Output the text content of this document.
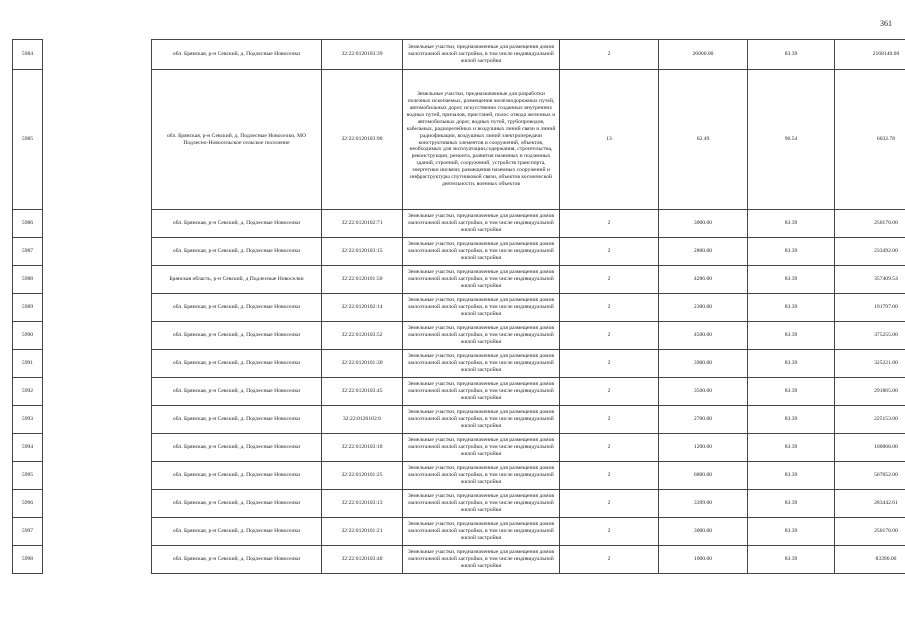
361
5984		обл. Брянская, р-н Севский, д. Подлесные Новоселки	32:22:0120103:39	Земельные участки, предназначенные для размещения домов малоэтажной жилой застройки, в том числе индивидуальной жилой застройки	2	26000.00	83.39	2168140.00
5985		обл. Брянская, р-н Севский, д. Подлесные Новоселки, МО Подлесно-Новосельское сельское поселение	32:22:0120103:90	Земельные участки, предназначенные для разработки полезных ископаемых, размещения железнодорожных путей, автомобильных дорог, искусственно созданных внутренних водных путей, причалов, пристаней, полос отвода железных и автомобильных дорог, водных путей, трубопроводов, кабельных, радиорелейных и воздушных линий связи и линий радиофикации, воздушных линий электропередачи конструктивных элементов и сооружений, объектов, необходимых для эксплуатации,содержания, строительства, реконструкции, ремонта, развития наземных и подземных зданий, строений, сооружений, устройств транспорта, энергетики иисвязи; размещения наземных сооружений и инфраструктуры спутниковой связи, объектов космической деятельности, военных объектов	13	62.49	96.54	6032.78
5986		обл. Брянская, р-н Севский, д. Подлесные Новоселки	32:22:0120102:71	Земельные участки, предназначенные для размещения домов малоэтажной жилой застройки, в том числе индивидуальной жилой застройки	2	3000.00	83.39	250170.00
5987		обл. Брянская, р-н Севский, д. Подлесные Новоселки	32:22:0120103:15	Земельные участки, предназначенные для размещения домов малоэтажной жилой застройки, в том числе индивидуальной жилой застройки	2	2800.00	83.39	233492.00
5988		Брянская область, р-н Севский, д Подлесные Новоселки	32:22:0120101:50	Земельные участки, предназначенные для размещения домов малоэтажной жилой застройки, в том числе индивидуальной жилой застройки	2	4286.00	83.39	357409.54
5989		обл. Брянская, р-н Севский, д. Подлесные Новоселки	32:22:0120102:14	Земельные участки, предназначенные для размещения домов малоэтажной жилой застройки, в том числе индивидуальной жилой застройки	2	2300.00	83.39	191797.00
5990		обл. Брянская, р-н Севский, д. Подлесные Новоселки	32:22:0120103:52	Земельные участки, предназначенные для размещения домов малоэтажной жилой застройки, в том числе индивидуальной жилой застройки	2	4500.00	83.39	375255.00
5991		обл. Брянская, р-н Севский, д. Подлесные Новоселки	32:22:0120101:30	Земельные участки, предназначенные для размещения домов малоэтажной жилой застройки, в том числе индивидуальной жилой застройки	2	3900.00	83.39	325221.00
5992		обл. Брянская, р-н Севский, д. Подлесные Новоселки	32:22:0120103:45	Земельные участки, предназначенные для размещения домов малоэтажной жилой застройки, в том числе индивидуальной жилой застройки	2	3500.00	83.39	291865.00
5993		обл. Брянская, р-н Севский, д. Подлесные Новоселки	32:22:0120102:6	Земельные участки, предназначенные для размещения домов малоэтажной жилой застройки, в том числе индивидуальной жилой застройки	2	2700.00	83.39	225153.00
5994		обл. Брянская, р-н Севский, д. Подлесные Новоселки	32:22:0120103:18	Земельные участки, предназначенные для размещения домов малоэтажной жилой застройки, в том числе индивидуальной жилой застройки	2	1200.00	83.39	100068.00
5995		обл. Брянская, р-н Севский, д. Подлесные Новоселки	32:22:0120101:25	Земельные участки, предназначенные для размещения домов малоэтажной жилой застройки, в том числе индивидуальной жилой застройки	2	6800.00	83.39	567052.00
5996		обл. Брянская, р-н Севский, д. Подлесные Новоселки	32:22:0120103:13	Земельные участки, предназначенные для размещения домов малоэтажной жилой застройки, в том числе индивидуальной жилой застройки	2	3399.00	83.39	283442.61
5997		обл. Брянская, р-н Севский, д. Подлесные Новоселки	32:22:0120101:21	Земельные участки, предназначенные для размещения домов малоэтажной жилой застройки, в том числе индивидуальной жилой застройки	2	3000.00	83.39	250170.00
5998		обл. Брянская, р-н Севский, д. Подлесные Новоселки	32:22:0120103:48	Земельные участки, предназначенные для размещения домов малоэтажной жилой застройки, в том числе индивидуальной жилой застройки	2	1000.00	83.39	83390.00
